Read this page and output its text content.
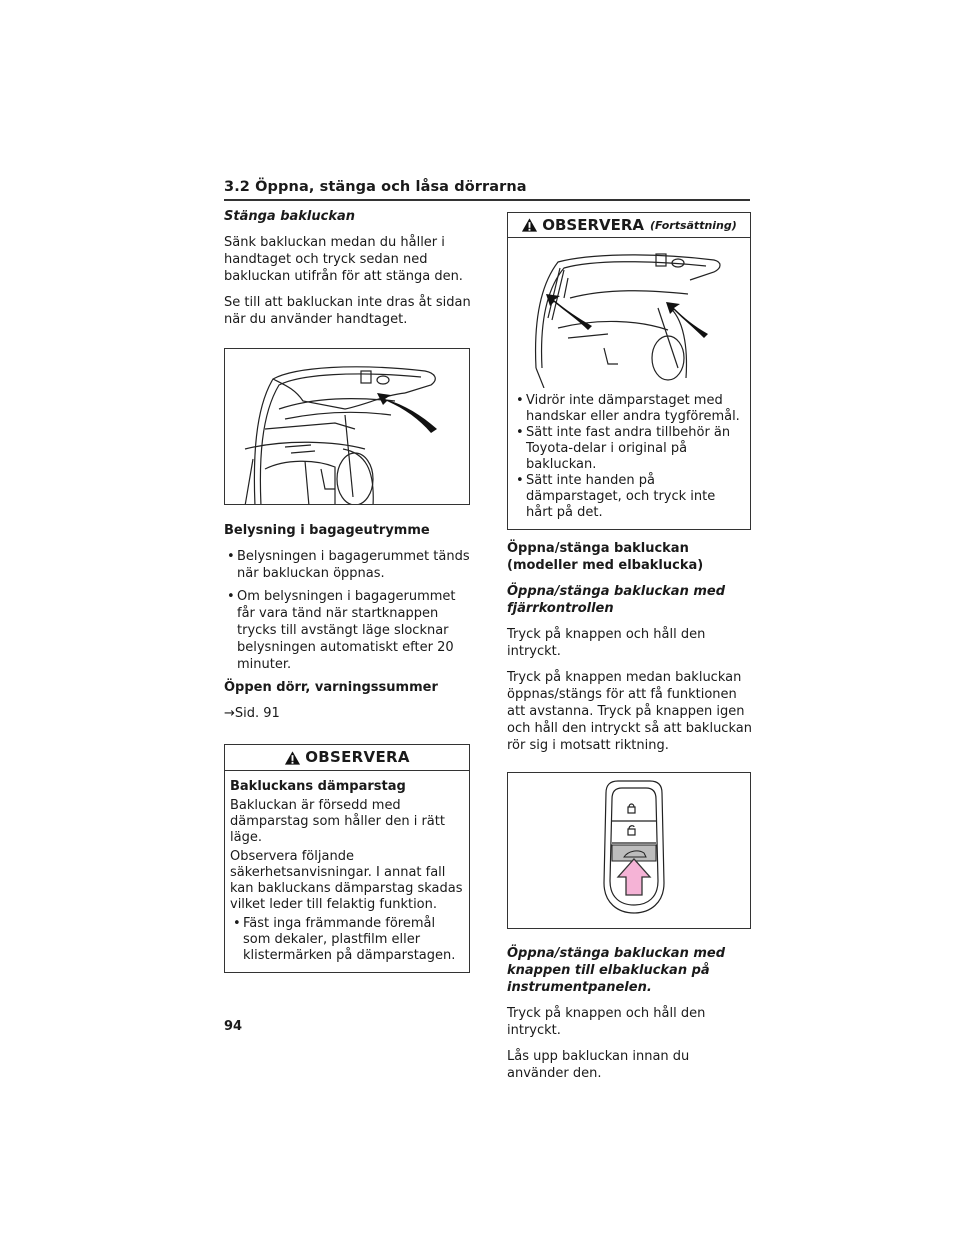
3.2 Öppna, stänga och låsa dörrarna
Stänga bakluckan
Sänk bakluckan medan du håller i handtaget och tryck sedan ned bakluckan utifrån för att stänga den.
Se till att bakluckan inte dras åt sidan när du använder handtaget.
Belysning i bagageutrymme
• Belysningen i bagagerummet tänds när bakluckan öppnas.
• Om belysningen i bagagerummet får vara tänd när startknappen trycks till avstängt läge slocknar belysningen automatiskt efter 20 minuter.
Öppen dörr, varningssummer
→Sid. 91
OBSERVERA
Bakluckans dämparstag
Bakluckan är försedd med dämparstag som håller den i rätt läge.
Observera följande säkerhetsanvisningar. I annat fall kan bakluckans dämparstag skadas vilket leder till felaktig funktion.
• Fäst inga främmande föremål som dekaler, plastfilm eller klistermärken på dämparstagen.
OBSERVERA (Fortsättning)
• Vidrör inte dämparstaget med handskar eller andra tygföremål.
• Sätt inte fast andra tillbehör än Toyota-delar i original på bakluckan.
• Sätt inte handen på dämparstaget, och tryck inte hårt på det.
Öppna/stänga bakluckan (modeller med elbaklucka)
Öppna/stänga bakluckan med fjärrkontrollen
Tryck på knappen och håll den intryckt.
Tryck på knappen medan bakluckan öppnas/stängs för att få funktionen att avstanna. Tryck på knappen igen och håll den intryckt så att bakluckan rör sig i motsatt riktning.
Öppna/stänga bakluckan med knappen till elbakluckan på instrumentpanelen.
Tryck på knappen och håll den intryckt.
Lås upp bakluckan innan du använder den.
94
